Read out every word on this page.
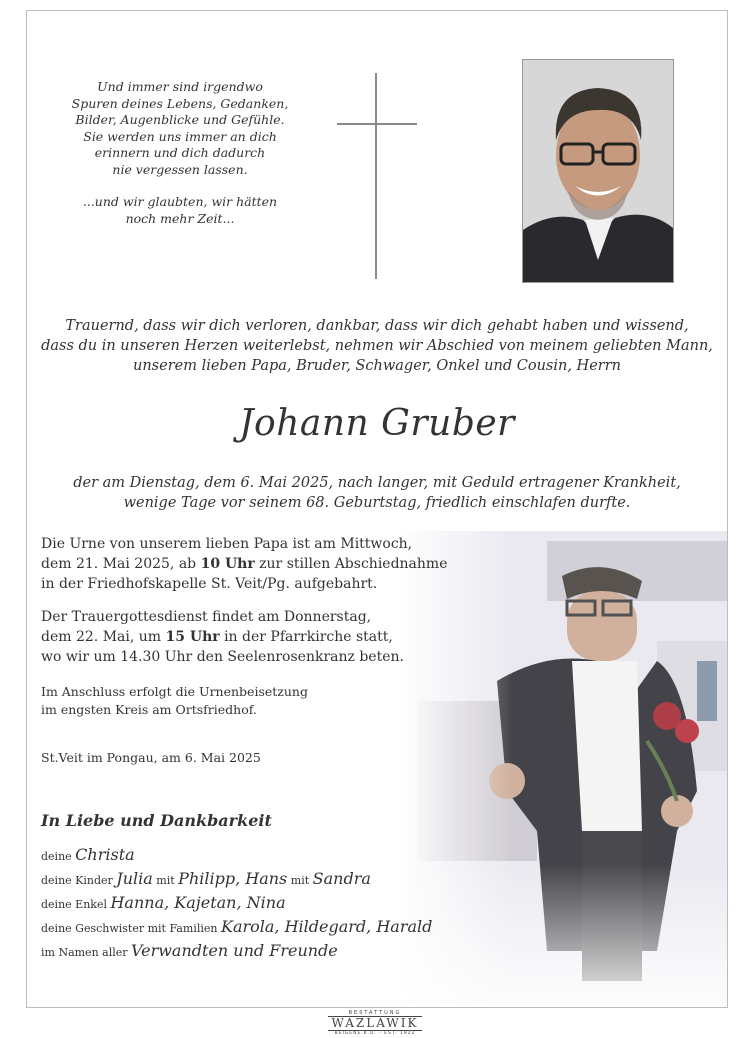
Und immer sind irgendwo

Spuren deines Lebens, Gedanken,

Bilder, Augenblicke und Gefühle.

Sie werden uns immer an dich

erinnern und dich dadurch

nie vergessen lassen.

...und wir glaubten, wir hätten

noch mehr Zeit...

Trauernd, dass wir dich verloren, dankbar, dass wir dich gehabt haben und wissend,

dass du in unseren Herzen weiterlebst, nehmen wir Abschied von meinem geliebten Mann,

unserem lieben Papa, Bruder, Schwager, Onkel und Cousin, Herrn

Johann Gruber

der am Dienstag, dem 6. Mai 2025, nach langer, mit Geduld ertragener Krankheit,

wenige Tage vor seinem 68. Geburtstag, friedlich einschlafen durfte.

Die Urne von unserem lieben Papa ist am Mittwoch,

dem 21. Mai 2025, ab 10 Uhr zur stillen Abschiednahme

in der Friedhofskapelle St. Veit/Pg. aufgebahrt.

Der Trauergottesdienst findet am Donnerstag,

dem 22. Mai, um 15 Uhr in der Pfarrkirche statt,

wo wir um 14.30 Uhr den Seelenrosenkranz beten.

Im Anschluss erfolgt die Urnenbeisetzung

im engsten Kreis am Ortsfriedhof.

St.Veit im Pongau, am 6. Mai 2025
In Liebe und Dankbarkeit
deine Christa
deine Kinder Julia mit Philipp, Hans mit Sandra
deine Enkel Hanna, Kajetan, Nina
deine Geschwister mit Familien Karola, Hildegard, Harald
im Namen aller Verwandten und Freunde
BESTATTUNG
WAZLAWIK
BEIGENE.K.U. · EST. 1922
